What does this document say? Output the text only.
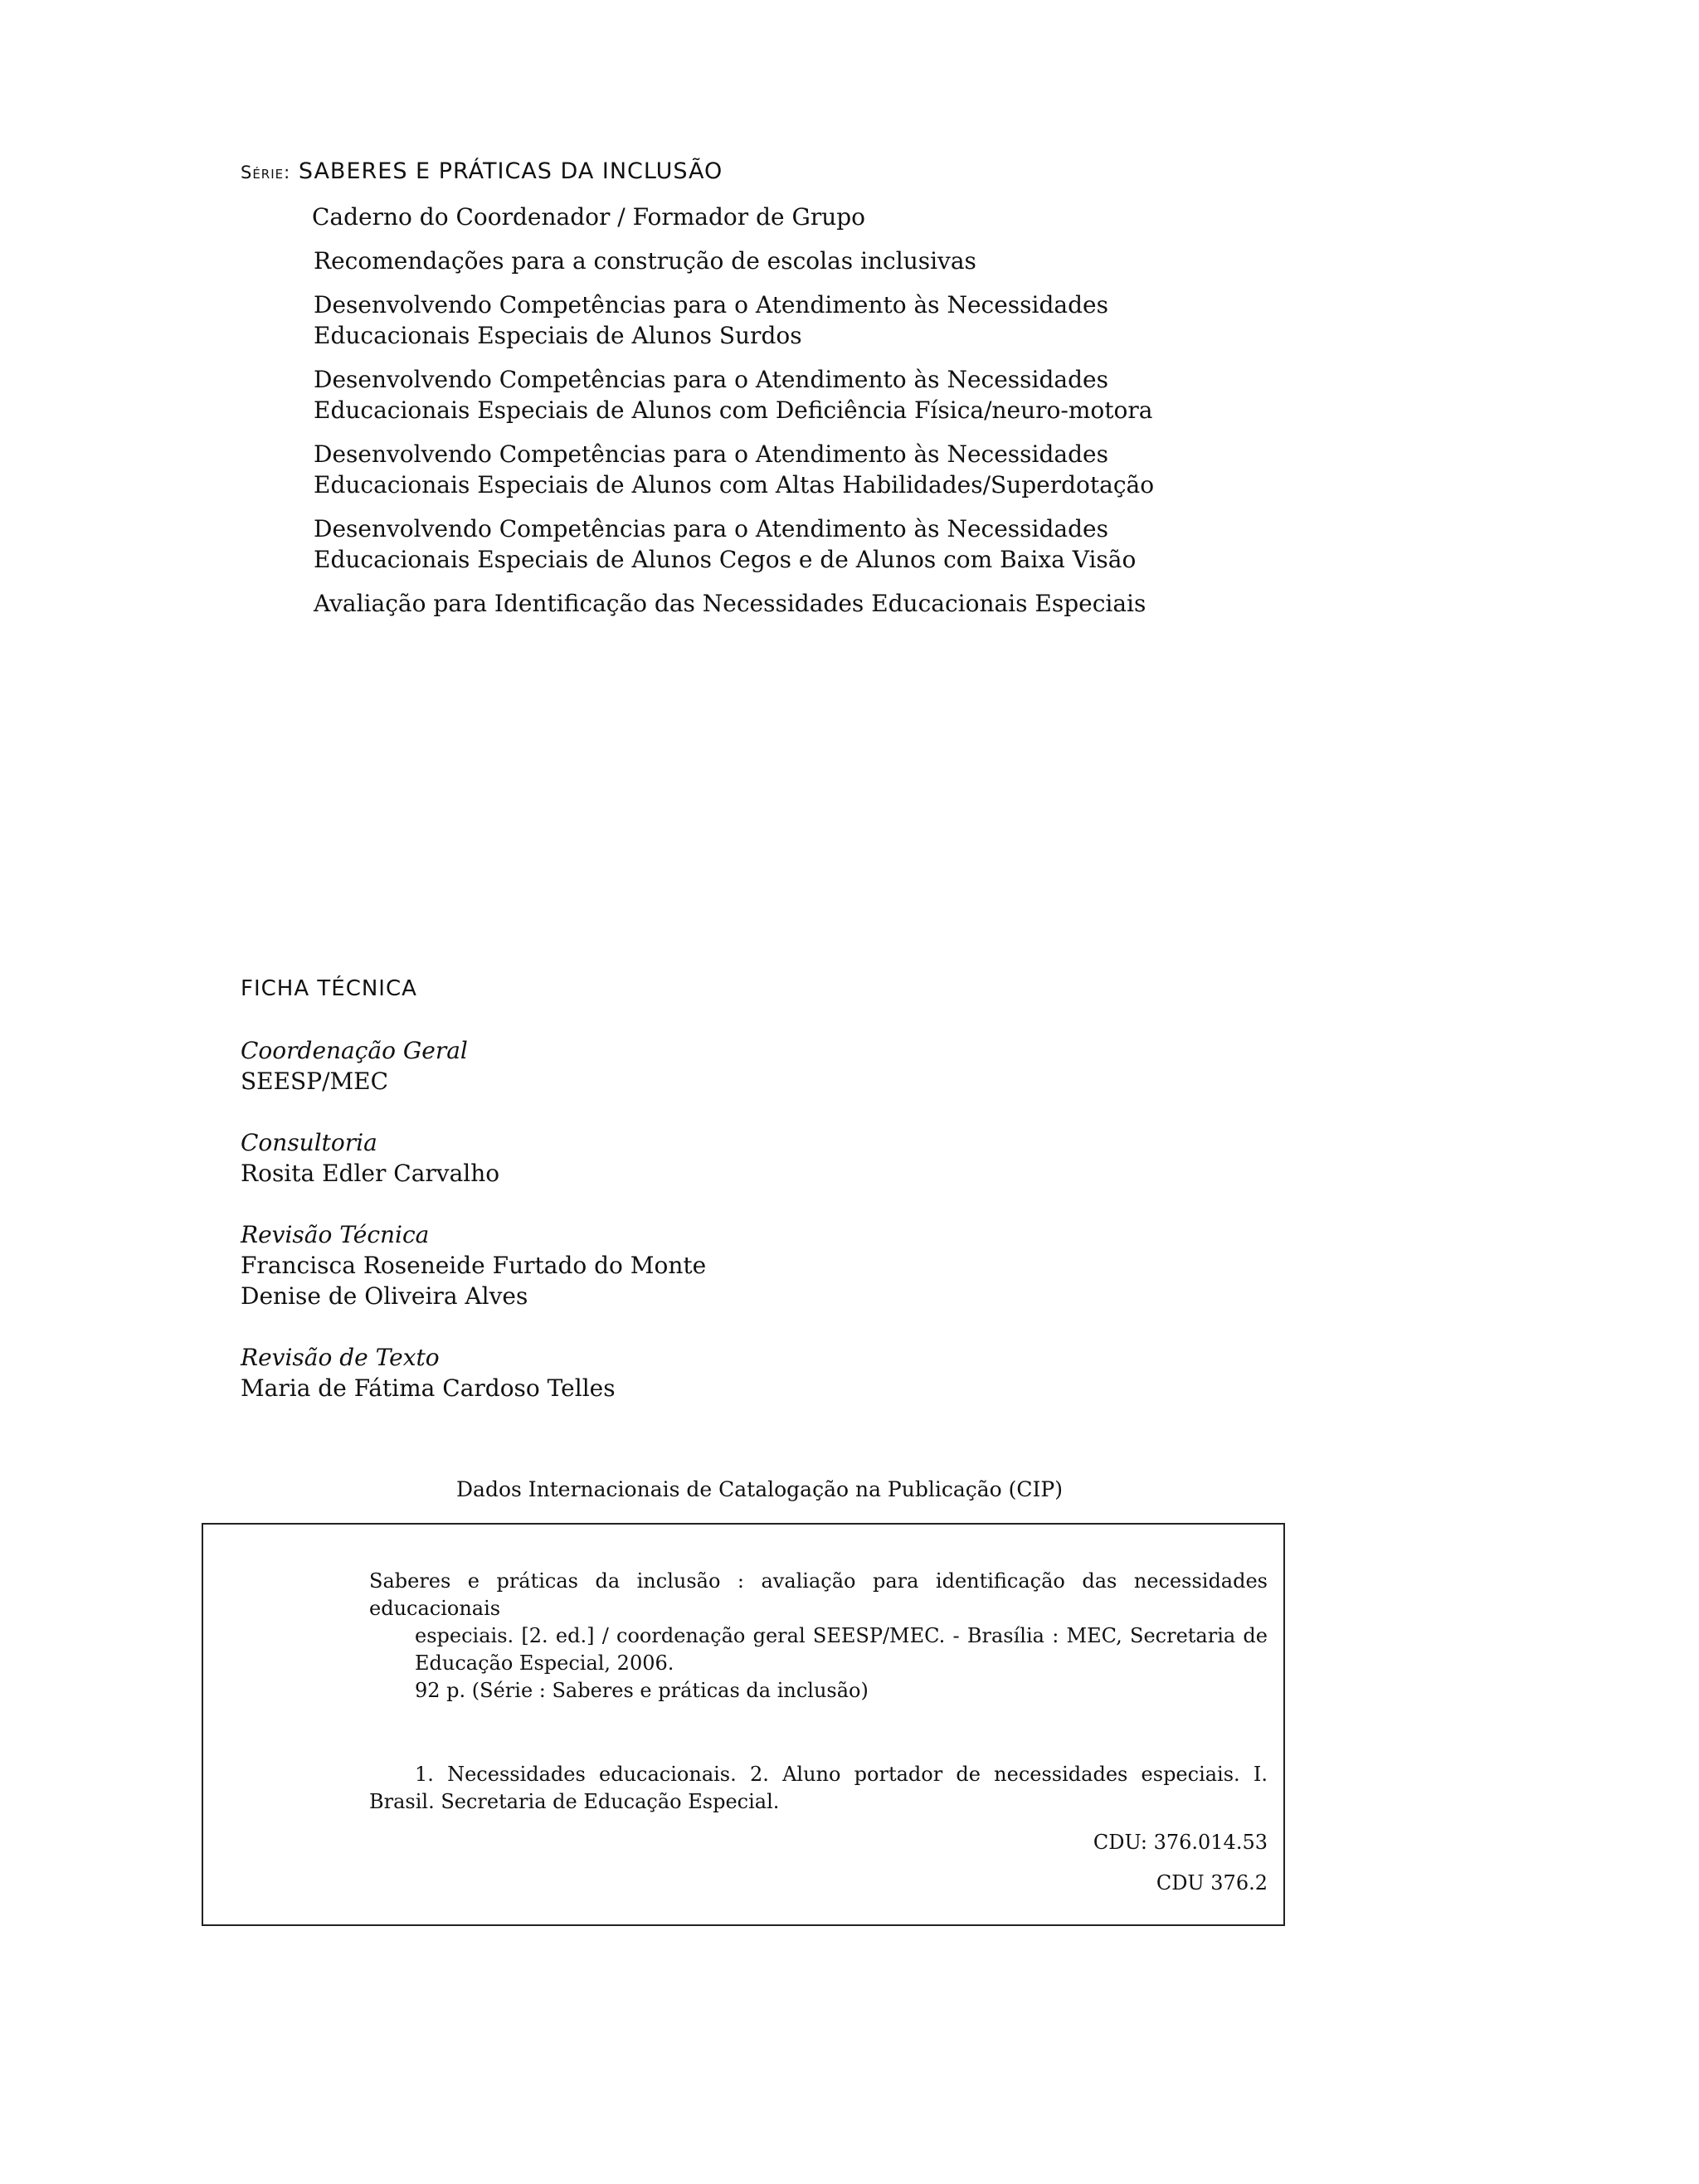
Série: SABERES E PRÁTICAS DA INCLUSÃO
Caderno do Coordenador / Formador de Grupo
Recomendações para a construção de escolas inclusivas
Desenvolvendo Competências para o Atendimento às Necessidades
Educacionais Especiais de Alunos Surdos
Desenvolvendo Competências para o Atendimento às Necessidades
Educacionais Especiais de Alunos com Deficiência Física/neuro-motora
Desenvolvendo Competências para o Atendimento às Necessidades
Educacionais Especiais de Alunos com Altas Habilidades/Superdotação
Desenvolvendo Competências para o Atendimento às Necessidades
Educacionais Especiais de Alunos Cegos e de Alunos com Baixa Visão
Avaliação para Identificação das Necessidades Educacionais Especiais
FICHA TÉCNICA
Coordenação Geral
SEESP/MEC
Consultoria
Rosita Edler Carvalho
Revisão Técnica
Francisca Roseneide Furtado do Monte
Denise de Oliveira Alves
Revisão de Texto
Maria de Fátima Cardoso Telles
Dados Internacionais de Catalogação na Publicação (CIP)
Saberes e práticas da inclusão : avaliação para identificação das necessidades educacionais
especiais. [2. ed.] / coordenação geral SEESP/MEC. - Brasília : MEC, Secretaria de Educação Especial, 2006.
92 p. (Série : Saberes e práticas da inclusão)
1. Necessidades educacionais. 2. Aluno portador de necessidades especiais. I. Brasil. Secretaria de Educação Especial.
CDU: 376.014.53
CDU 376.2
